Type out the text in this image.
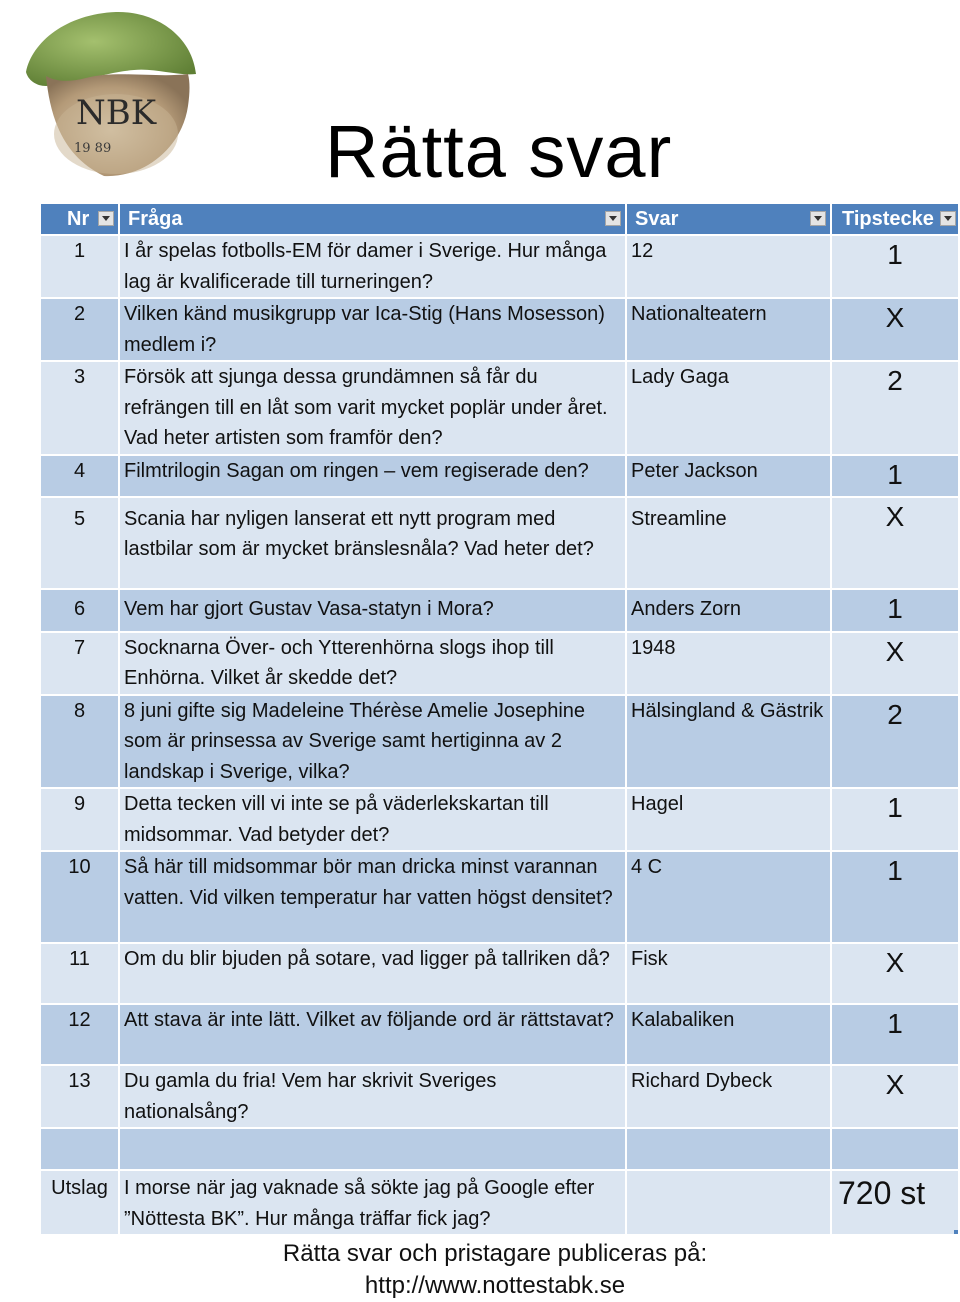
NBK
19 89	Rätta svar
Nr	Fråga	Svar	Tipstecke

1	I år spelas fotbolls-EM för damer i Sverige. Hur många lag är kvalificerade till turneringen?	12	1
2	Vilken känd musikgrupp var Ica-Stig (Hans Mosesson) medlem i?	Nationalteatern	X
3	Försök att sjunga dessa grundämnen så får du refrängen till en låt som varit mycket poplär under året. Vad heter artisten som framför den?	Lady Gaga	2
4	Filmtrilogin Sagan om ringen – vem regiserade den?	Peter Jackson	1
5	Scania har nyligen lanserat ett nytt program med lastbilar som är mycket bränslesnåla? Vad heter det?	Streamline	X
6	Vem har gjort Gustav Vasa-statyn i Mora?	Anders Zorn	1
7	Socknarna Över- och Ytterenhörna slogs ihop till Enhörna. Vilket år skedde det?	1948	X
8	8 juni gifte sig Madeleine Thérèse Amelie Josephine som är prinsessa av Sverige samt hertiginna av 2 landskap i Sverige, vilka?	Hälsingland & Gästrik	2
9	Detta tecken vill vi inte se på väderlekskartan till midsommar. Vad betyder det?	Hagel	1
10	Så här till midsommar bör man dricka minst varannan vatten. Vid vilken temperatur har vatten högst densitet?	4 C	1
11	Om du blir bjuden på sotare, vad ligger på tallriken då?	Fisk	X
12	Att stava är inte lätt. Vilket av följande ord är rättstavat?	Kalabaliken	1
13	Du gamla du fria! Vem har skrivit Sveriges nationalsång?	Richard Dybeck	X

Utslag	I morse när jag vaknade så sökte jag på Google efter ”Nöttesta BK”. Hur många träffar fick jag?		720 st
Rätta svar och pristagare publiceras på:
http://www.nottestabk.se
